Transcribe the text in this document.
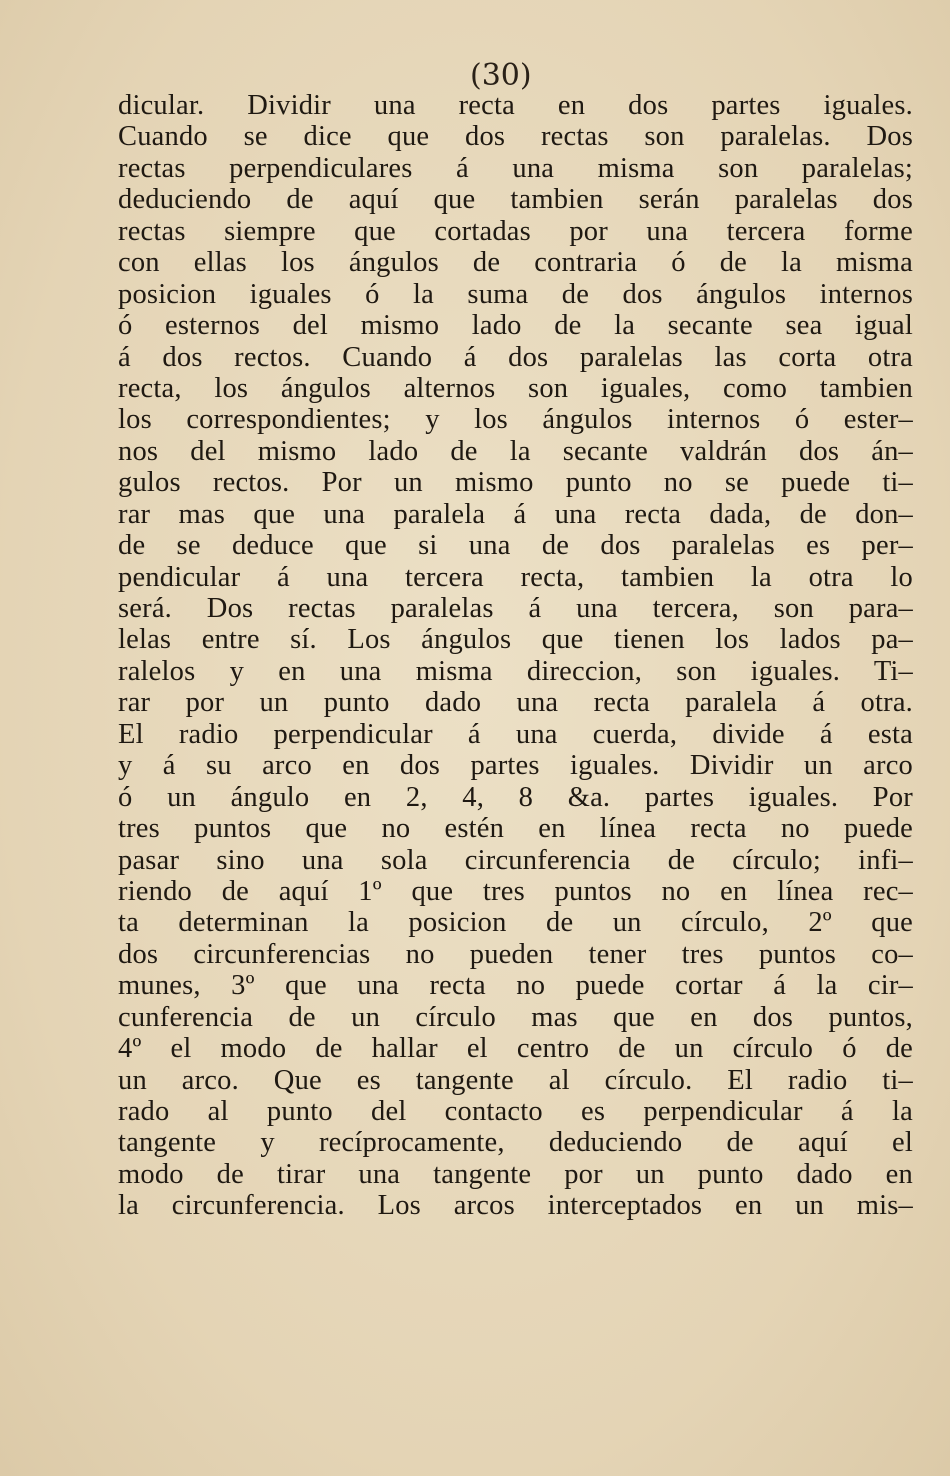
(30)
dicular. Dividir una recta en dos partes iguales.
Cuando se dice que dos rectas son paralelas. Dos
rectas perpendiculares á una misma son paralelas;
deduciendo de aquí que tambien serán paralelas dos
rectas siempre que cortadas por una tercera forme
con ellas los ángulos de contraria ó de la misma
posicion iguales ó la suma de dos ángulos internos
ó esternos del mismo lado de la secante sea igual
á dos rectos. Cuando á dos paralelas las corta otra
recta, los ángulos alternos son iguales, como tambien
los correspondientes; y los ángulos internos ó ester–
nos del mismo lado de la secante valdrán dos án–
gulos rectos. Por un mismo punto no se puede ti–
rar mas que una paralela á una recta dada, de don–
de se deduce que si una de dos paralelas es per–
pendicular á una tercera recta, tambien la otra lo
será. Dos rectas paralelas á una tercera, son para–
lelas entre sí. Los ángulos que tienen los lados pa–
ralelos y en una misma direccion, son iguales. Ti–
rar por un punto dado una recta paralela á otra.
El radio perpendicular á una cuerda, divide á esta
y á su arco en dos partes iguales. Dividir un arco
ó un ángulo en 2, 4, 8 &a. partes iguales. Por
tres puntos que no estén en línea recta no puede
pasar sino una sola circunferencia de círculo; infi–
riendo de aquí 1º que tres puntos no en línea rec–
ta determinan la posicion de un círculo, 2º que
dos circunferencias no pueden tener tres puntos co–
munes, 3º que una recta no puede cortar á la cir–
cunferencia de un círculo mas que en dos puntos,
4º el modo de hallar el centro de un círculo ó de
un arco. Que es tangente al círculo. El radio ti–
rado al punto del contacto es perpendicular á la
tangente y recíprocamente, deduciendo de aquí el
modo de tirar una tangente por un punto dado en
la circunferencia. Los arcos interceptados en un mis–
